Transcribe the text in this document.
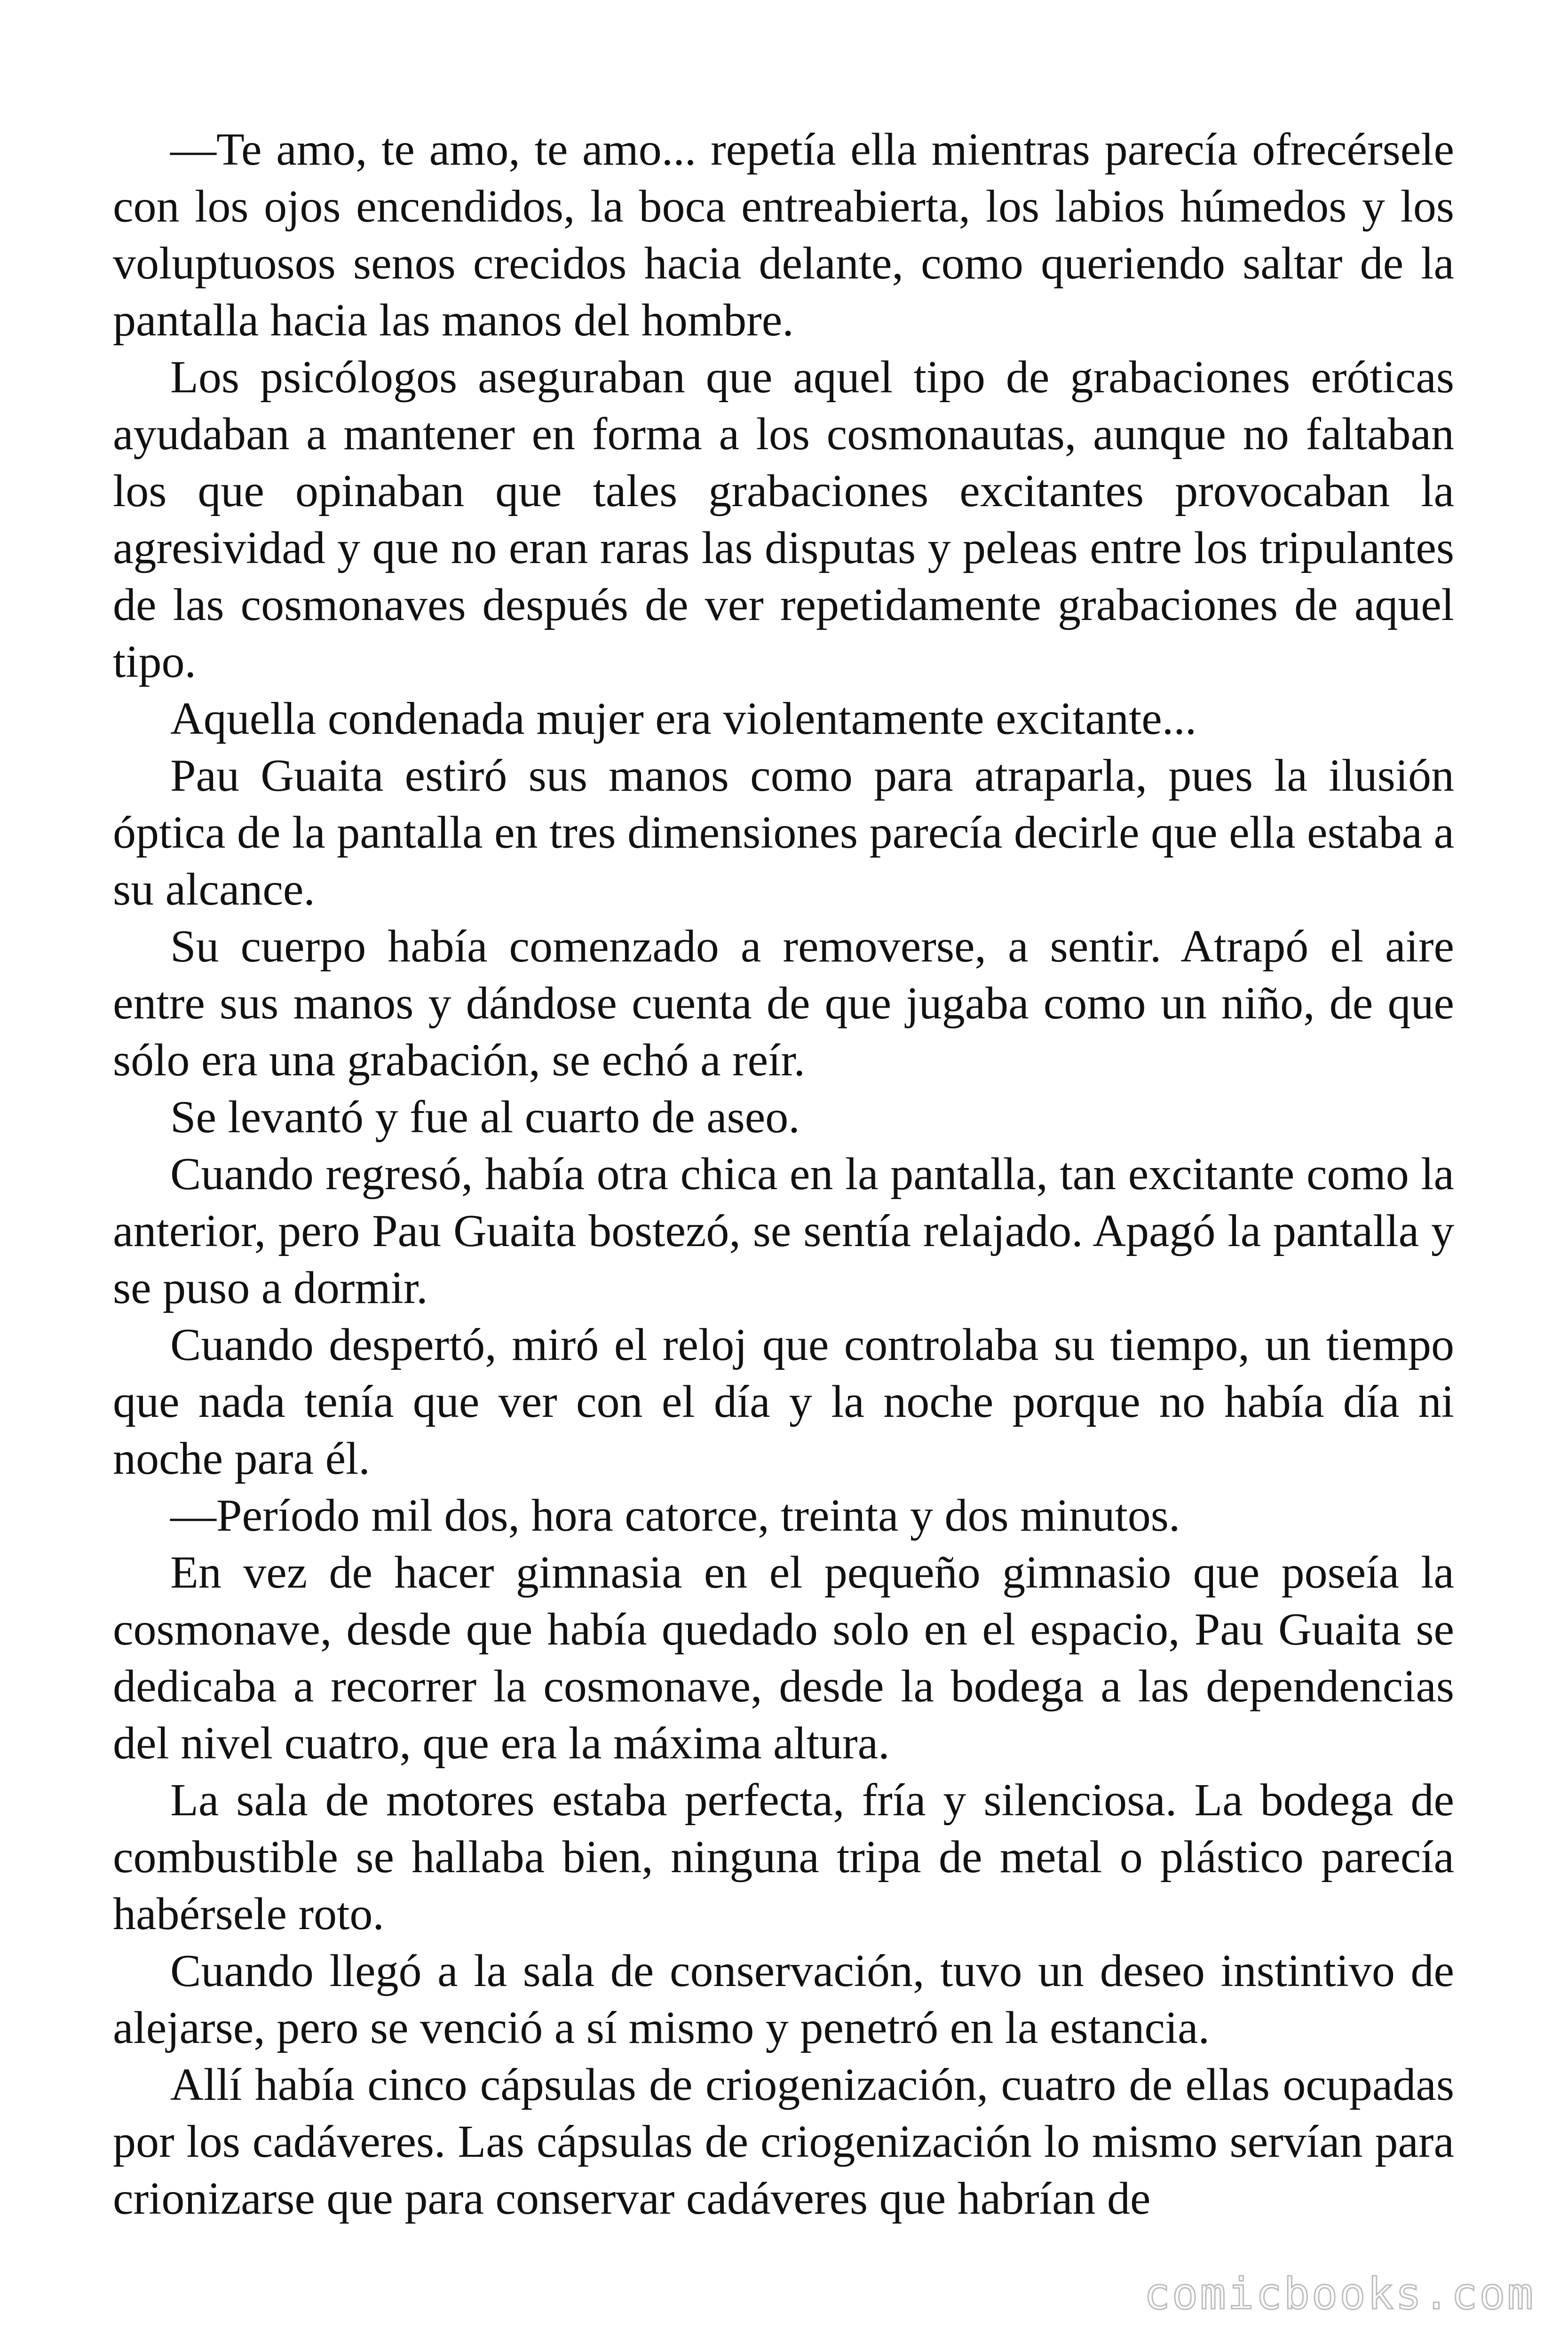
—Te amo, te amo, te amo... repetía ella mientras parecía ofrecérsele con los ojos encendidos, la boca entreabierta, los labios húmedos y los voluptuosos senos crecidos hacia delante, como queriendo saltar de la pantalla hacia las manos del hombre.

Los psicólogos aseguraban que aquel tipo de grabaciones eróticas ayudaban a mantener en forma a los cosmonautas, aunque no faltaban los que opinaban que tales grabaciones excitantes provocaban la agresividad y que no eran raras las disputas y peleas entre los tripulantes de las cosmonaves después de ver repetidamente grabaciones de aquel tipo.

Aquella condenada mujer era violentamente excitante...

Pau Guaita estiró sus manos como para atraparla, pues la ilusión óptica de la pantalla en tres dimensiones parecía decirle que ella estaba a su alcance.

Su cuerpo había comenzado a removerse, a sentir. Atrapó el aire entre sus manos y dándose cuenta de que jugaba como un niño, de que sólo era una grabación, se echó a reír.

Se levantó y fue al cuarto de aseo.

Cuando regresó, había otra chica en la pantalla, tan excitante como la anterior, pero Pau Guaita bostezó, se sentía relajado. Apagó la pantalla y se puso a dormir.

Cuando despertó, miró el reloj que controlaba su tiempo, un tiempo que nada tenía que ver con el día y la noche porque no había día ni noche para él.

—Período mil dos, hora catorce, treinta y dos minutos.

En vez de hacer gimnasia en el pequeño gimnasio que poseía la cosmonave, desde que había quedado solo en el espacio, Pau Guaita se dedicaba a recorrer la cosmonave, desde la bodega a las dependencias del nivel cuatro, que era la máxima altura.

La sala de motores estaba perfecta, fría y silenciosa. La bodega de combustible se hallaba bien, ninguna tripa de metal o plástico parecía habérsele roto.

Cuando llegó a la sala de conservación, tuvo un deseo instintivo de alejarse, pero se venció a sí mismo y penetró en la estancia.

Allí había cinco cápsulas de criogenización, cuatro de ellas ocupadas por los cadáveres. Las cápsulas de criogenización lo mismo servían para crionizarse que para conservar cadáveres que habrían de

comicbooks.com
